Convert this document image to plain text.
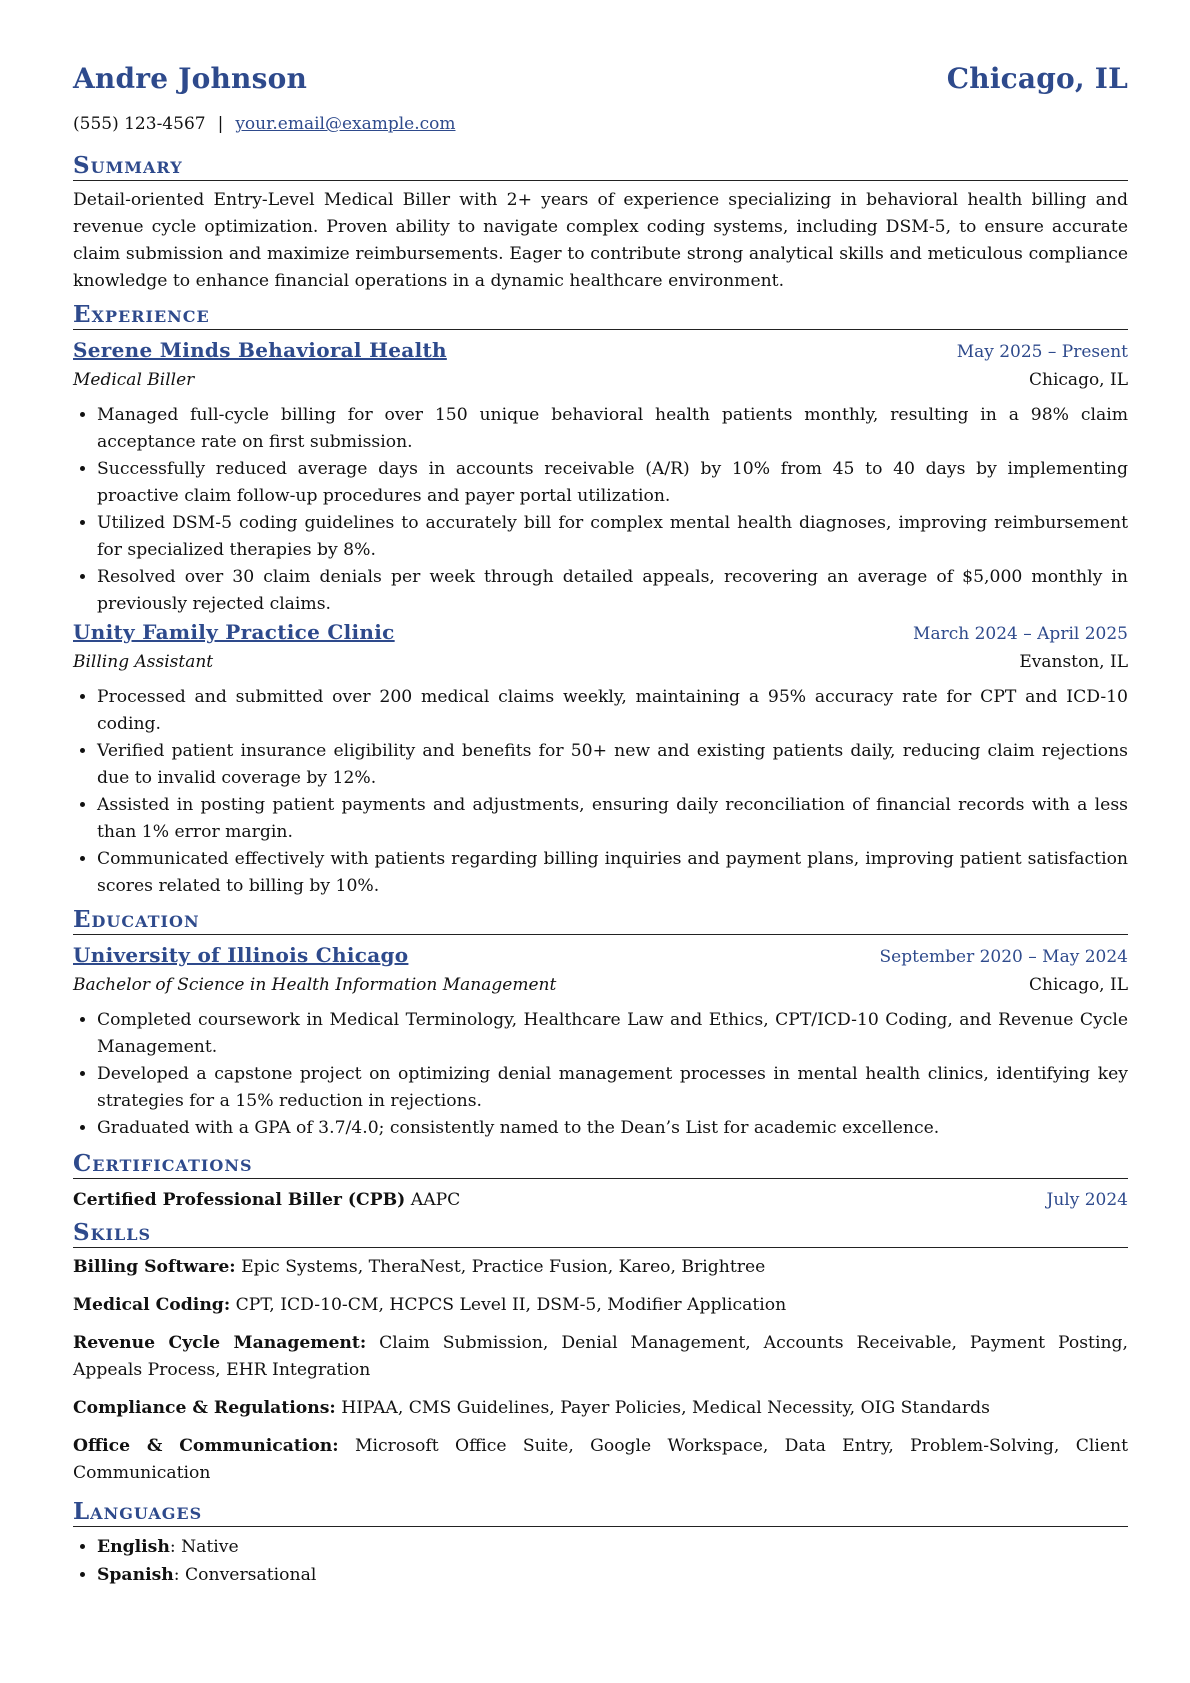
Andre Johnson	Chicago, IL
(555) 123-4567 | your.email@example.com
Summary

Detail-oriented Entry-Level Medical Biller with 2+ years of experience specializing in behavioral health billing and revenue cycle optimization. Proven ability to navigate complex coding systems, including DSM-5, to ensure accurate claim submission and maximize reimbursements. Eager to contribute strong analytical skills and meticulous compliance knowledge to enhance financial operations in a dynamic healthcare environment.

Experience
Serene Minds Behavioral Health	May 2025 – Present
Medical Biller	Chicago, IL
• Managed full-cycle billing for over 150 unique behavioral health patients monthly, resulting in a 98% claim acceptance rate on first submission.
• Successfully reduced average days in accounts receivable (A/R) by 10% from 45 to 40 days by implementing proactive claim follow-up procedures and payer portal utilization.
• Utilized DSM-5 coding guidelines to accurately bill for complex mental health diagnoses, improving reimbursement for specialized therapies by 8%.
• Resolved over 30 claim denials per week through detailed appeals, recovering an average of $5,000 monthly in previously rejected claims.
Unity Family Practice Clinic	March 2024 – April 2025
Billing Assistant	Evanston, IL
• Processed and submitted over 200 medical claims weekly, maintaining a 95% accuracy rate for CPT and ICD-10 coding.
• Verified patient insurance eligibility and benefits for 50+ new and existing patients daily, reducing claim rejections due to invalid coverage by 12%.
• Assisted in posting patient payments and adjustments, ensuring daily reconciliation of financial records with a less than 1% error margin.
• Communicated effectively with patients regarding billing inquiries and payment plans, improving patient satisfaction scores related to billing by 10%.
Education
University of Illinois Chicago	September 2020 – May 2024
Bachelor of Science in Health Information Management	Chicago, IL
• Completed coursework in Medical Terminology, Healthcare Law and Ethics, CPT/ICD-10 Coding, and Revenue Cycle Management.
• Developed a capstone project on optimizing denial management processes in mental health clinics, identifying key strategies for a 15% reduction in rejections.
• Graduated with a GPA of 3.7/4.0; consistently named to the Dean’s List for academic excellence.
Certifications
Certified Professional Biller (CPB) AAPC	July 2024
Skills

Billing Software: Epic Systems, TheraNest, Practice Fusion, Kareo, Brightree

Medical Coding: CPT, ICD-10-CM, HCPCS Level II, DSM-5, Modifier Application

Revenue Cycle Management: Claim Submission, Denial Management, Accounts Receivable, Payment Posting, Appeals Process, EHR Integration

Compliance & Regulations: HIPAA, CMS Guidelines, Payer Policies, Medical Necessity, OIG Standards

Office & Communication: Microsoft Office Suite, Google Workspace, Data Entry, Problem-Solving, Client Communication

Languages
• English: Native
• Spanish: Conversational
